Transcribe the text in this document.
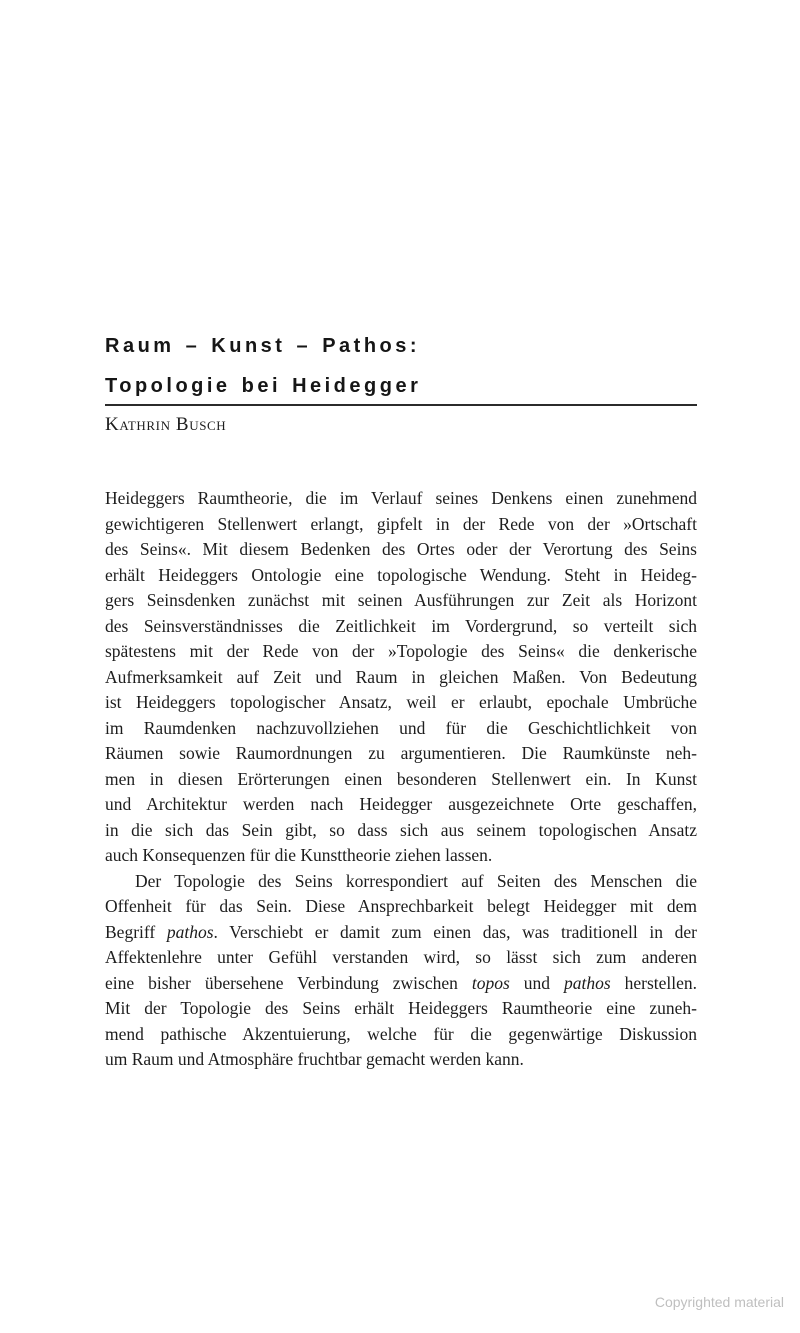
Raum – Kunst – Pathos:
Topologie bei Heidegger
Kathrin Busch
Heideggers Raumtheorie, die im Verlauf seines Denkens einen zunehmend
gewichtigeren Stellenwert erlangt, gipfelt in der Rede von der »Ortschaft
des Seins«. Mit diesem Bedenken des Ortes oder der Verortung des Seins
erhält Heideggers Ontologie eine topologische Wendung. Steht in Heideg-
gers Seinsdenken zunächst mit seinen Ausführungen zur Zeit als Horizont
des Seinsverständnisses die Zeitlichkeit im Vordergrund, so verteilt sich
spätestens mit der Rede von der »Topologie des Seins« die denkerische
Aufmerksamkeit auf Zeit und Raum in gleichen Maßen. Von Bedeutung
ist Heideggers topologischer Ansatz, weil er erlaubt, epochale Umbrüche
im Raumdenken nachzuvollziehen und für die Geschichtlichkeit von
Räumen sowie Raumordnungen zu argumentieren. Die Raumkünste neh-
men in diesen Erörterungen einen besonderen Stellenwert ein. In Kunst
und Architektur werden nach Heidegger ausgezeichnete Orte geschaffen,
in die sich das Sein gibt, so dass sich aus seinem topologischen Ansatz
auch Konsequenzen für die Kunsttheorie ziehen lassen.
Der Topologie des Seins korrespondiert auf Seiten des Menschen die
Offenheit für das Sein. Diese Ansprechbarkeit belegt Heidegger mit dem
Begriff pathos. Verschiebt er damit zum einen das, was traditionell in der
Affektenlehre unter Gefühl verstanden wird, so lässt sich zum anderen
eine bisher übersehene Verbindung zwischen topos und pathos herstellen.
Mit der Topologie des Seins erhält Heideggers Raumtheorie eine zuneh-
mend pathische Akzentuierung, welche für die gegenwärtige Diskussion
um Raum und Atmosphäre fruchtbar gemacht werden kann.
Copyrighted material
